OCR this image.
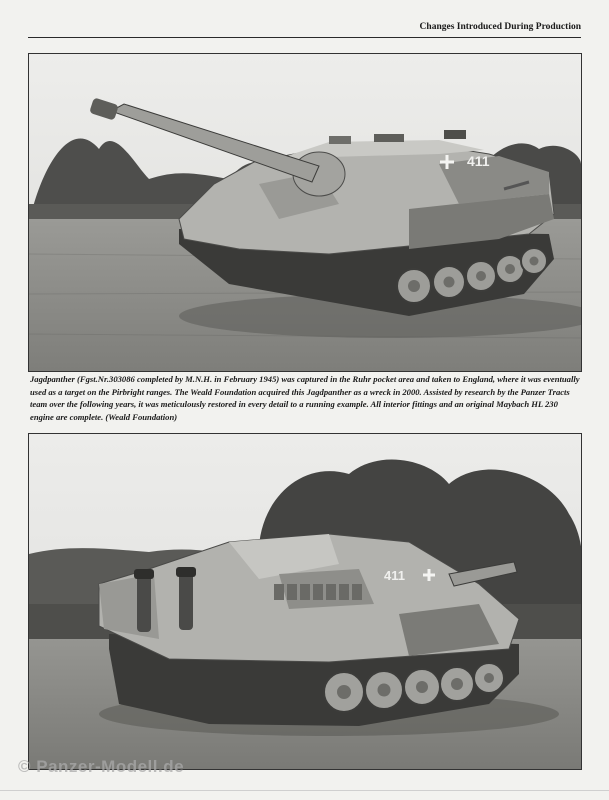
Changes Introduced During Production
411

Jagdpanther (Fgst.Nr.303086 completed by M.N.H. in February 1945) was captured in the Ruhr pocket area and taken to England, where it was eventually used as a target on the Pirbright ranges. The Weald Foundation acquired this Jagdpanther as a wreck in 2000. Assisted by research by the Panzer Tracts team over the following years, it was meticulously restored in every detail to a running example. All interior fittings and an original Maybach HL 230 engine are complete. (Weald Foundation)

411
© Panzer-Modell.de
